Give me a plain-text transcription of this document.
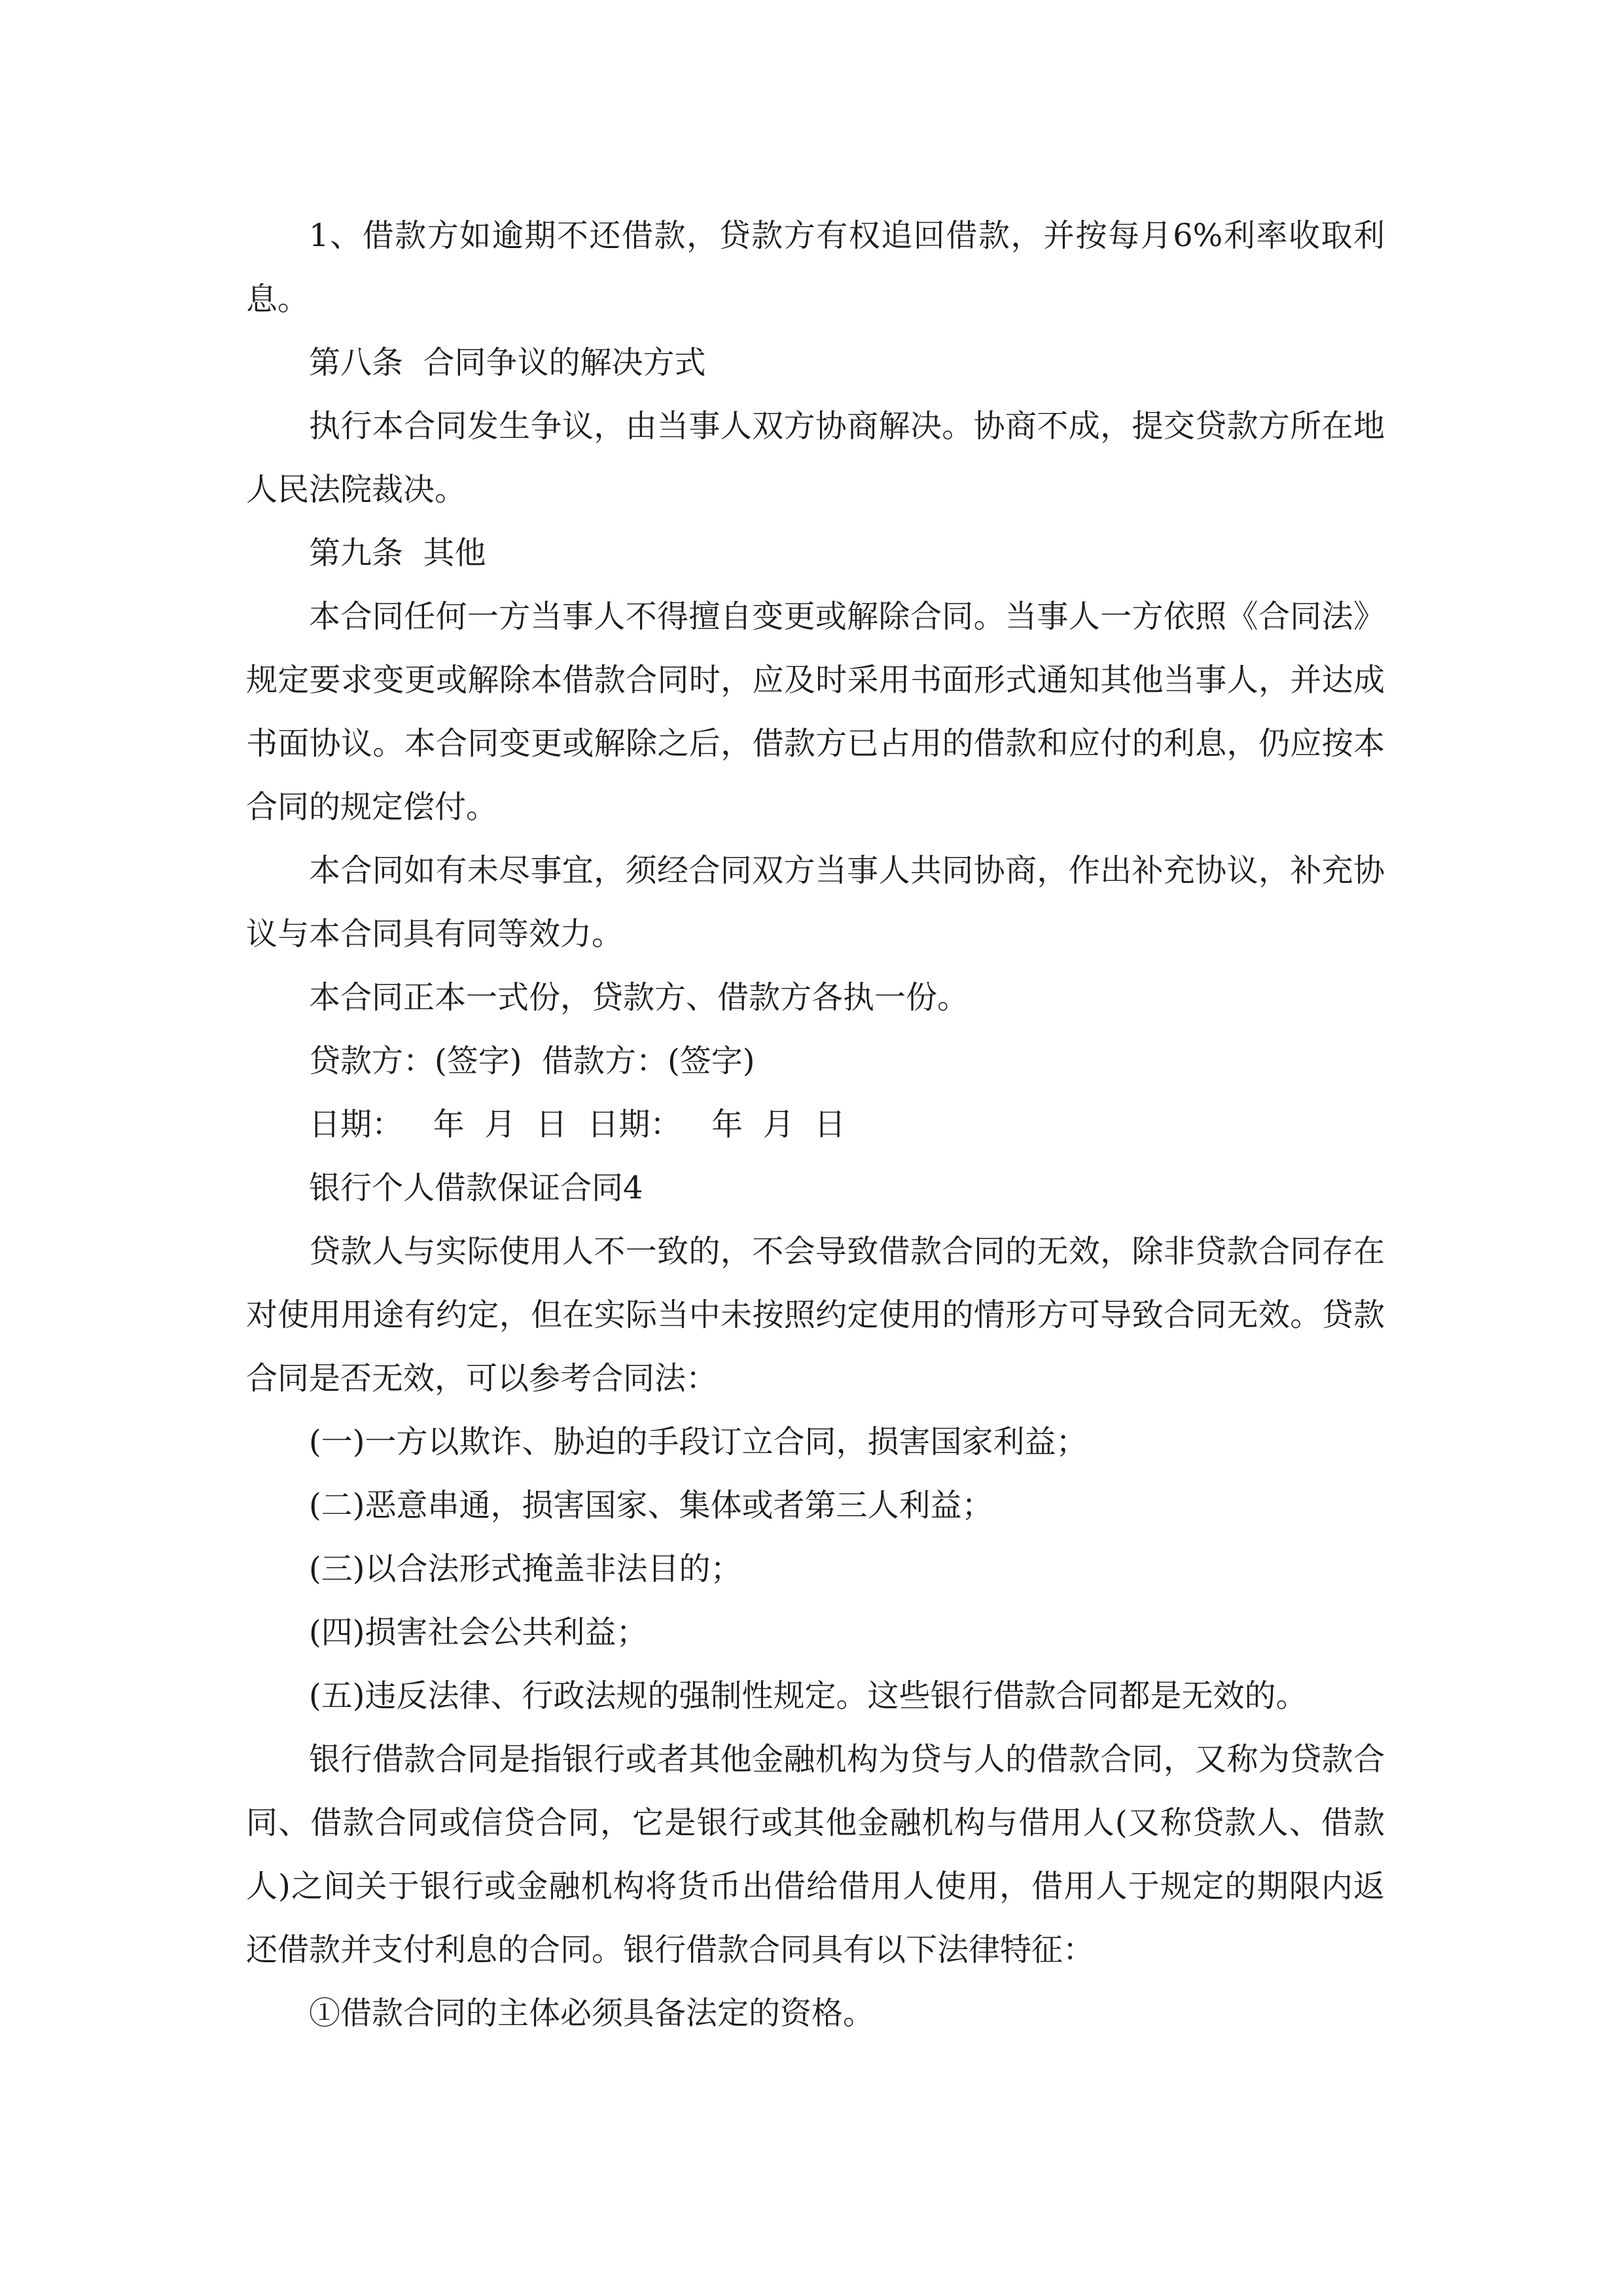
1、借款方如逾期不还借款，贷款方有权追回借款，并按每月6%利率收取利息。

第八条  合同争议的解决方式

执行本合同发生争议，由当事人双方协商解决。协商不成，提交贷款方所在地人民法院裁决。

第九条  其他

本合同任何一方当事人不得擅自变更或解除合同。当事人一方依照《合同法》规定要求变更或解除本借款合同时，应及时采用书面形式通知其他当事人，并达成书面协议。本合同变更或解除之后，借款方已占用的借款和应付的利息，仍应按本合同的规定偿付。

本合同如有未尽事宜，须经合同双方当事人共同协商，作出补充协议，补充协议与本合同具有同等效力。

本合同正本一式份，贷款方、借款方各执一份。

贷款方：(签字)  借款方：(签字)

日期：   年  月  日  日期：   年  月  日

银行个人借款保证合同4

贷款人与实际使用人不一致的，不会导致借款合同的无效，除非贷款合同存在对使用用途有约定，但在实际当中未按照约定使用的情形方可导致合同无效。贷款合同是否无效，可以参考合同法：

(一)一方以欺诈、胁迫的手段订立合同，损害国家利益；

(二)恶意串通，损害国家、集体或者第三人利益；

(三)以合法形式掩盖非法目的；

(四)损害社会公共利益；

(五)违反法律、行政法规的强制性规定。这些银行借款合同都是无效的。

银行借款合同是指银行或者其他金融机构为贷与人的借款合同，又称为贷款合同、借款合同或信贷合同，它是银行或其他金融机构与借用人(又称贷款人、借款人)之间关于银行或金融机构将货币出借给借用人使用，借用人于规定的期限内返还借款并支付利息的合同。银行借款合同具有以下法律特征：

①借款合同的主体必须具备法定的资格。
